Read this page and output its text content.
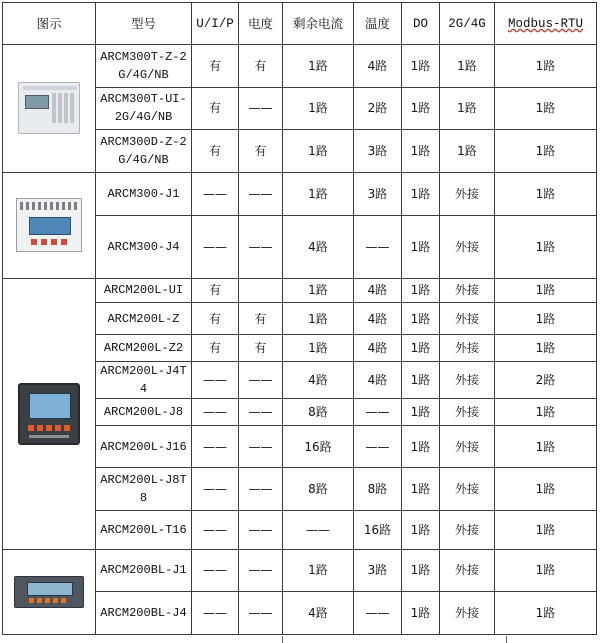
图示	型号	U/I/P	电度	剩余电流	温度	DO	2G/4G	Modbus-RTU

	ARCM300T-Z-2G/4G/NB	有	有	1路	4路	1路	1路	1路
	ARCM300T-UI-2G/4G/NB	有	——	1路	2路	1路	1路	1路
	ARCM300D-Z-2G/4G/NB	有	有	1路	3路	1路	1路	1路

	ARCM300-J1	——	——	1路	3路	1路	外接	1路
	ARCM300-J4	——	——	4路	——	1路	外接	1路

	ARCM200L-UI	有		1路	4路	1路	外接	1路
	ARCM200L-Z	有	有	1路	4路	1路	外接	1路
	ARCM200L-Z2	有	有	1路	4路	1路	外接	1路
	ARCM200L-J4T4	——	——	4路	4路	1路	外接	2路
	ARCM200L-J8	——	——	8路	——	1路	外接	1路
	ARCM200L-J16	——	——	16路	——	1路	外接	1路
	ARCM200L-J8T8	——	——	8路	8路	1路	外接	1路
	ARCM200L-T16	——	——	——	16路	1路	外接	1路

	ARCM200BL-J1	——	——	1路	3路	1路	外接	1路
	ARCM200BL-J4	——	——	4路	——	1路	外接	1路
